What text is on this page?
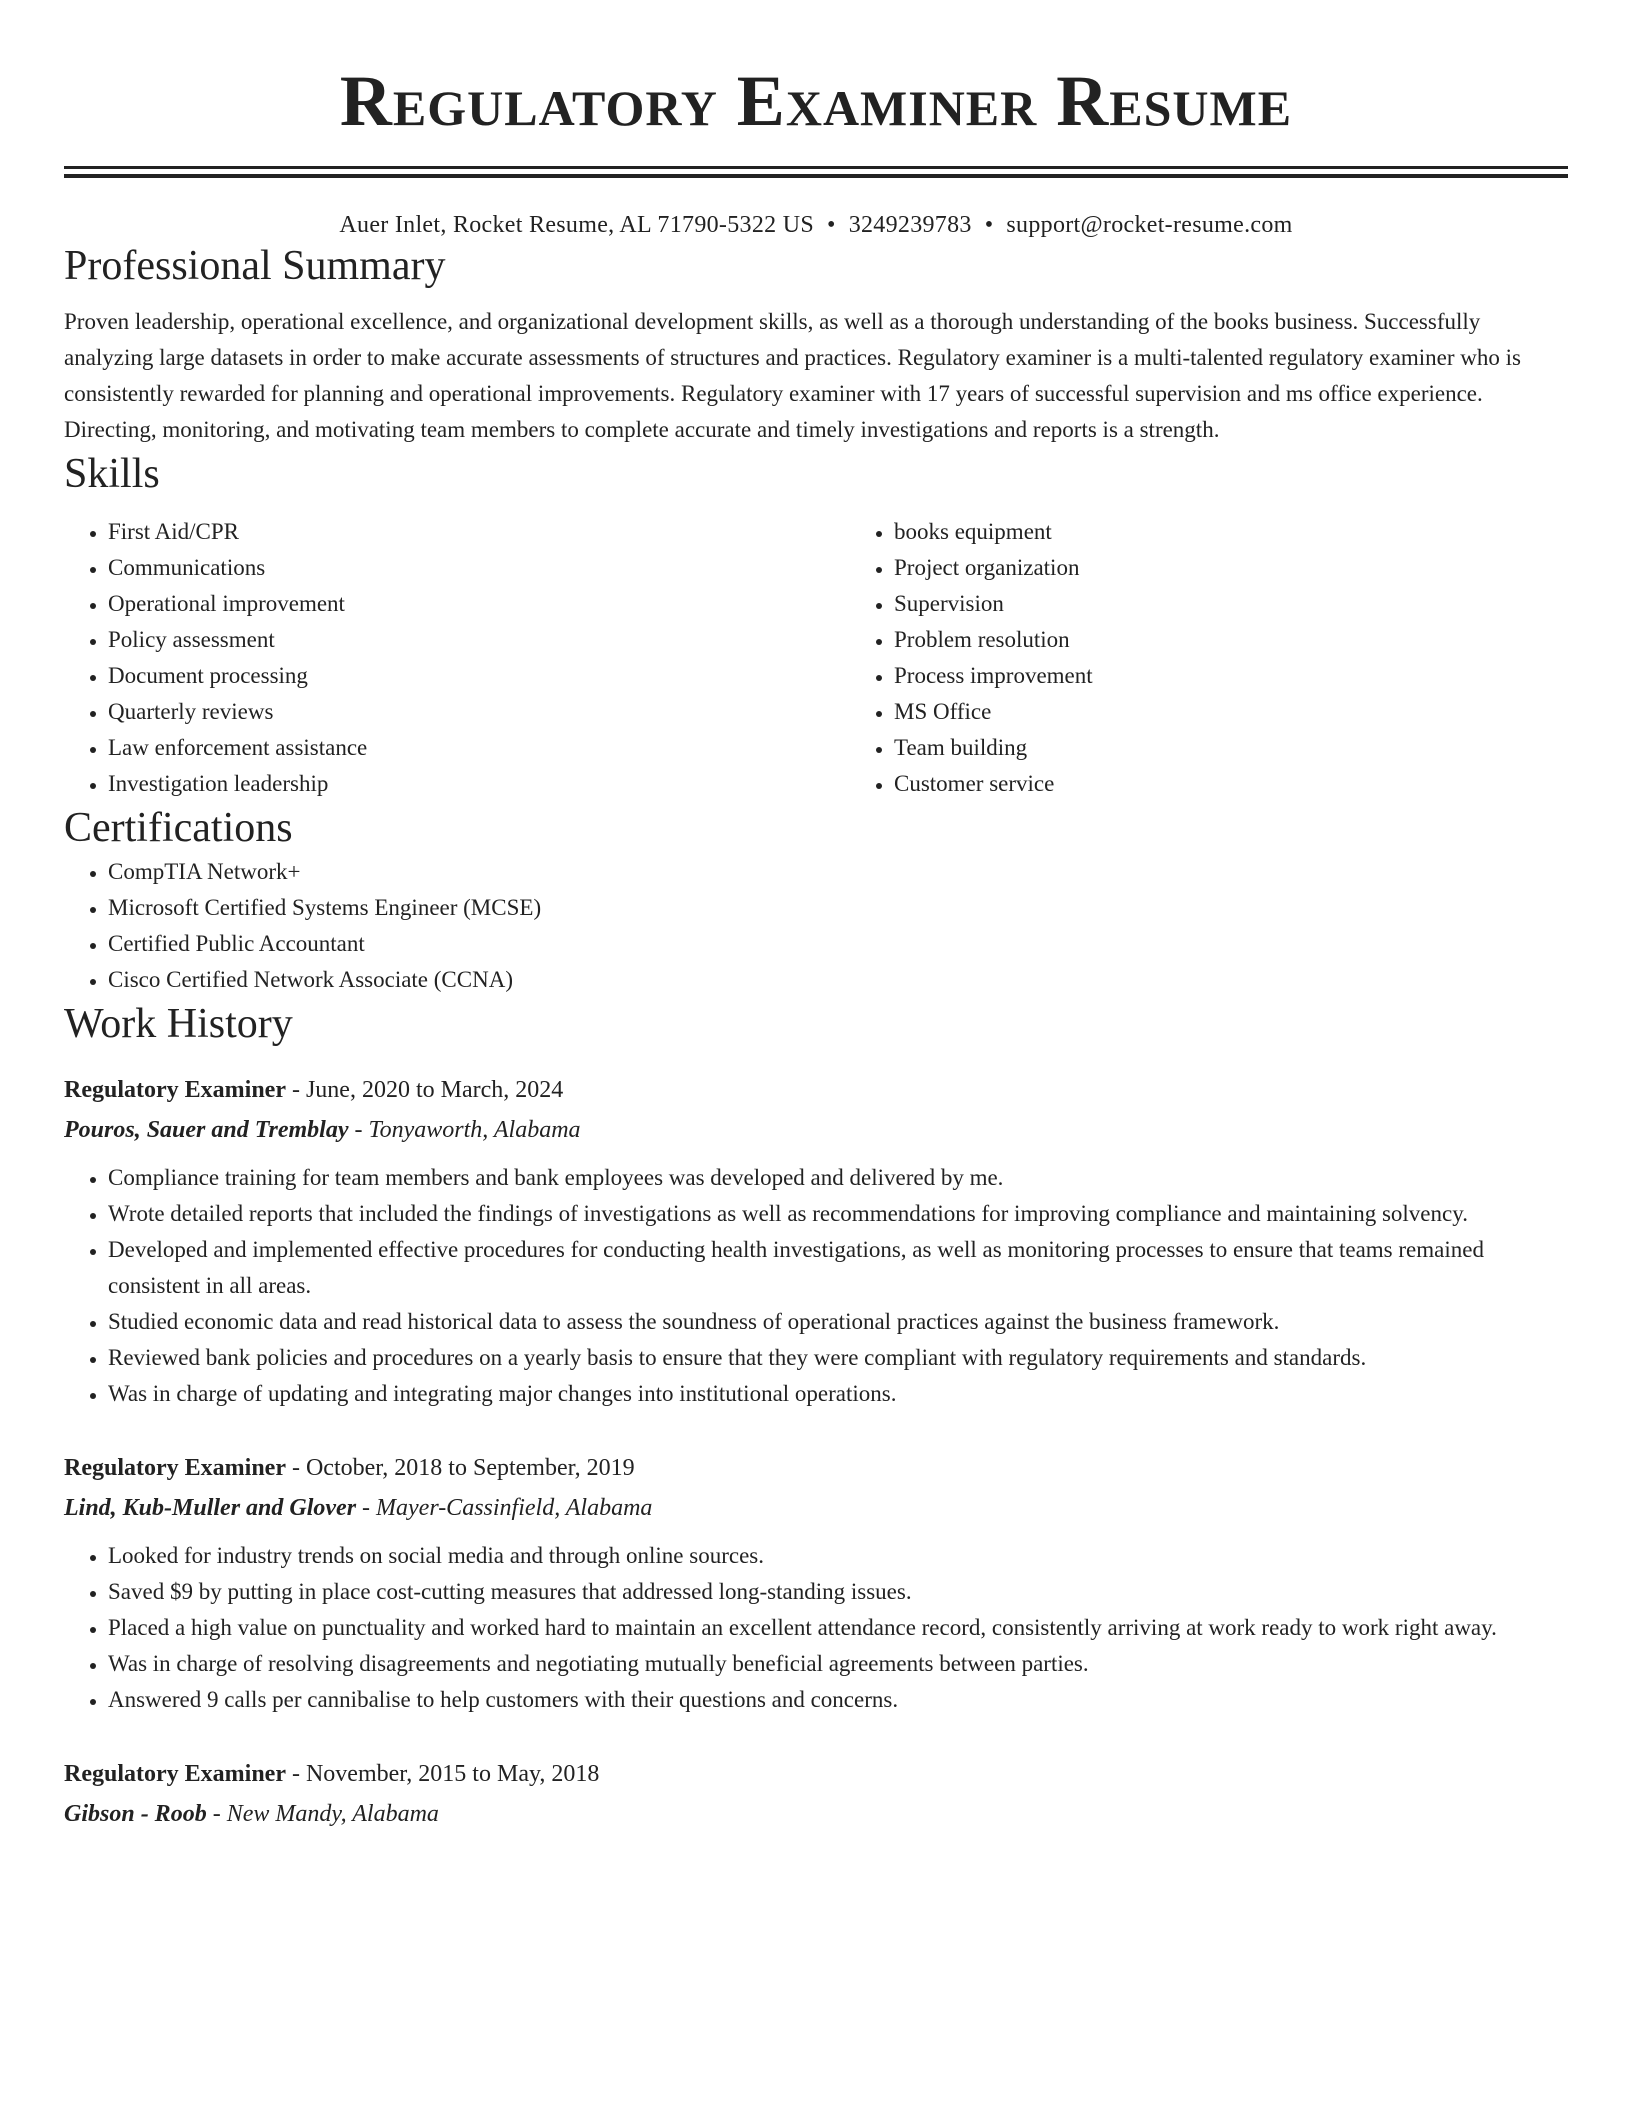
Regulatory Examiner Resume
Auer Inlet, Rocket Resume, AL 71790-5322 US • 3249239783 • support@rocket-resume.com
Professional Summary
Proven leadership, operational excellence, and organizational development skills, as well as a thorough understanding of the books business. Successfully analyzing large datasets in order to make accurate assessments of structures and practices. Regulatory examiner is a multi-talented regulatory examiner who is consistently rewarded for planning and operational improvements. Regulatory examiner with 17 years of successful supervision and ms office experience. Directing, monitoring, and motivating team members to complete accurate and timely investigations and reports is a strength.
Skills
• First Aid/CPR
• Communications
• Operational improvement
• Policy assessment
• Document processing
• Quarterly reviews
• Law enforcement assistance
• Investigation leadership
• books equipment
• Project organization
• Supervision
• Problem resolution
• Process improvement
• MS Office
• Team building
• Customer service
Certifications
• CompTIA Network+
• Microsoft Certified Systems Engineer (MCSE)
• Certified Public Accountant
• Cisco Certified Network Associate (CCNA)
Work History
Regulatory Examiner - June, 2020 to March, 2024
Pouros, Sauer and Tremblay - Tonyaworth, Alabama
• Compliance training for team members and bank employees was developed and delivered by me.
• Wrote detailed reports that included the findings of investigations as well as recommendations for improving compliance and maintaining solvency.
• Developed and implemented effective procedures for conducting health investigations, as well as monitoring processes to ensure that teams remained consistent in all areas.
• Studied economic data and read historical data to assess the soundness of operational practices against the business framework.
• Reviewed bank policies and procedures on a yearly basis to ensure that they were compliant with regulatory requirements and standards.
• Was in charge of updating and integrating major changes into institutional operations.
Regulatory Examiner - October, 2018 to September, 2019
Lind, Kub-Muller and Glover - Mayer-Cassinfield, Alabama
• Looked for industry trends on social media and through online sources.
• Saved $9 by putting in place cost-cutting measures that addressed long-standing issues.
• Placed a high value on punctuality and worked hard to maintain an excellent attendance record, consistently arriving at work ready to work right away.
• Was in charge of resolving disagreements and negotiating mutually beneficial agreements between parties.
• Answered 9 calls per cannibalise to help customers with their questions and concerns.
Regulatory Examiner - November, 2015 to May, 2018
Gibson - Roob - New Mandy, Alabama
